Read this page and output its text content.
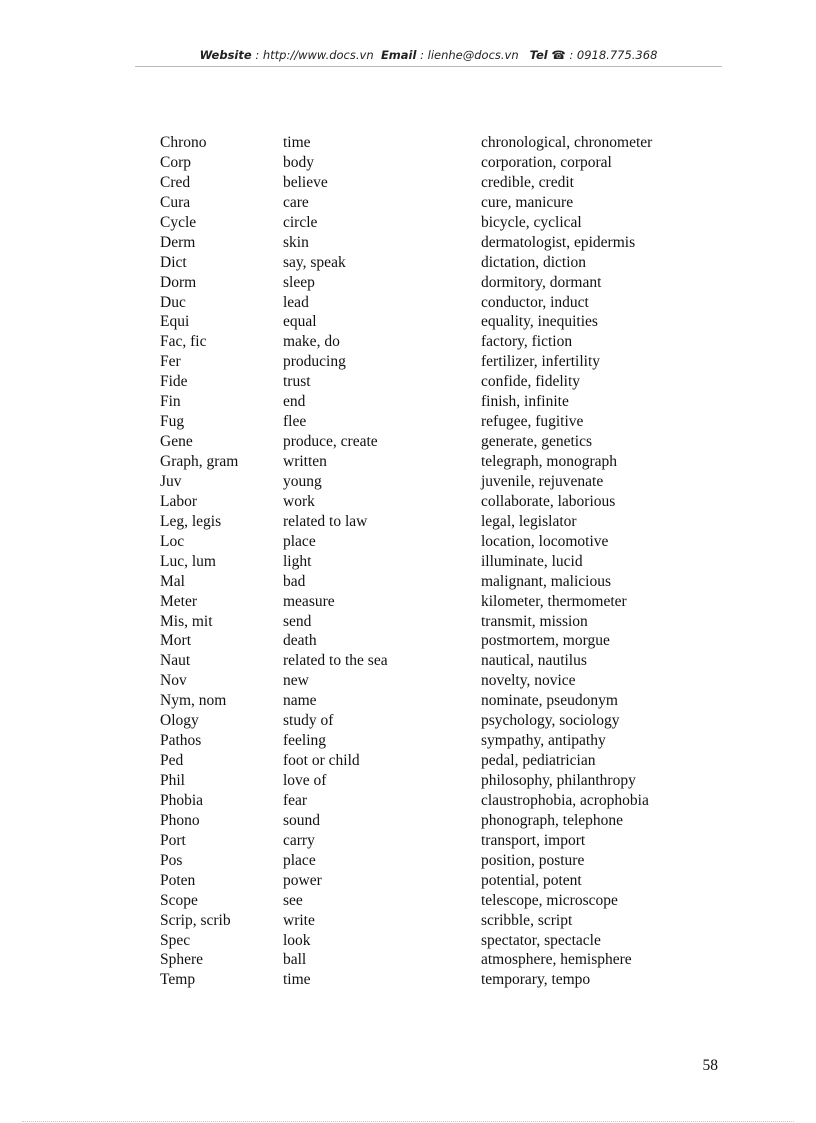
Website : http://www.docs.vn Email : lienhe@docs.vn Tel ☎ : 0918.775.368
Chrono	time	chronological, chronometer
Corp	body	corporation, corporal
Cred	believe	credible, credit
Cura	care	cure, manicure
Cycle	circle	bicycle, cyclical
Derm	skin	dermatologist, epidermis
Dict	say, speak	dictation, diction
Dorm	sleep	dormitory, dormant
Duc	lead	conductor, induct
Equi	equal	equality, inequities
Fac, fic	make, do	factory, fiction
Fer	producing	fertilizer, infertility
Fide	trust	confide, fidelity
Fin	end	finish, infinite
Fug	flee	refugee, fugitive
Gene	produce, create	generate, genetics
Graph, gram	written	telegraph, monograph
Juv	young	juvenile, rejuvenate
Labor	work	collaborate, laborious
Leg, legis	related to law	legal, legislator
Loc	place	location, locomotive
Luc, lum	light	illuminate, lucid
Mal	bad	malignant, malicious
Meter	measure	kilometer, thermometer
Mis, mit	send	transmit, mission
Mort	death	postmortem, morgue
Naut	related to the sea	nautical, nautilus
Nov	new	novelty, novice
Nym, nom	name	nominate, pseudonym
Ology	study of	psychology, sociology
Pathos	feeling	sympathy, antipathy
Ped	foot or child	pedal, pediatrician
Phil	love of	philosophy, philanthropy
Phobia	fear	claustrophobia, acrophobia
Phono	sound	phonograph, telephone
Port	carry	transport, import
Pos	place	position, posture
Poten	power	potential, potent
Scope	see	telescope, microscope
Scrip, scrib	write	scribble, script
Spec	look	spectator, spectacle
Sphere	ball	atmosphere, hemisphere
Temp	time	temporary, tempo
58
